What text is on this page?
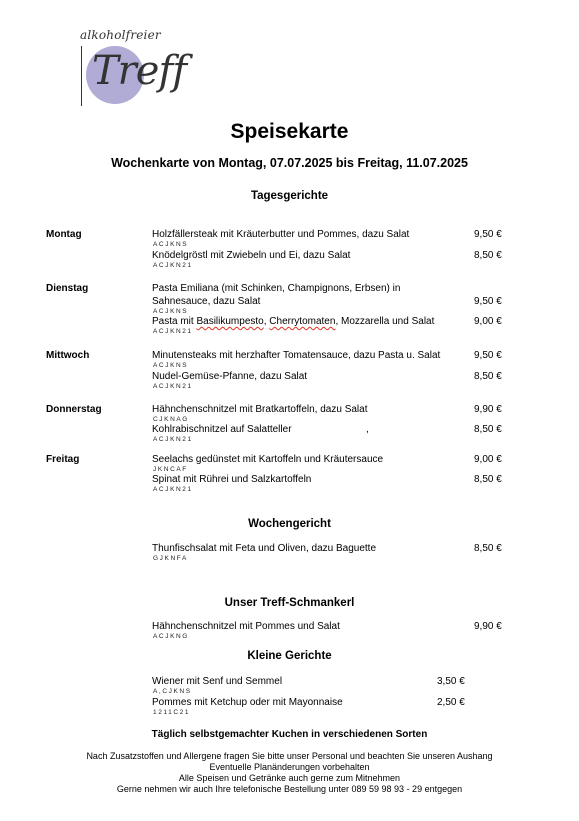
alkoholfreier
Treff
Speisekarte
Wochenkarte von Montag, 07.07.2025 bis Freitag, 11.07.2025
Tagesgerichte
Montag	Holzfällersteak mit Kräuterbutter und Pommes, dazu Salat	9,50 €
ACJKNS
Knödelgröstl mit Zwiebeln und Ei, dazu Salat	8,50 €
ACJKN21
Dienstag	Pasta Emiliana (mit Schinken, Champignons, Erbsen) in
Sahnesauce, dazu Salat	9,50 €
ACJKNS
Pasta mit Basilikumpesto, Cherrytomaten, Mozzarella und Salat	9,00 €
ACJKN21
Mittwoch	Minutensteaks mit herzhafter Tomatensauce, dazu Pasta u. Salat	9,50 €
ACJKNS
Nudel-Gemüse-Pfanne, dazu Salat	8,50 €
ACJKN21
Donnerstag	Hähnchenschnitzel mit Bratkartoffeln, dazu Salat	9,90 €
CJKNAG
Kohlrabischnitzel auf Salatteller	,	8,50 €
ACJKN21
Freitag	Seelachs gedünstet mit Kartoffeln und Kräutersauce	9,00 €
JKNCAF
Spinat mit Rührei und Salzkartoffeln	8,50 €
ACJKN21
Wochengericht
Thunfischsalat mit Feta und Oliven, dazu Baguette	8,50 €
GJKNFA
Unser Treff-Schmankerl
Hähnchenschnitzel mit Pommes und Salat	9,90 €
ACJKNG
Kleine Gerichte
Wiener mit Senf und Semmel	3,50 €
A,CJKNS
Pommes mit Ketchup oder mit Mayonnaise	2,50 €
1211C21
Täglich selbstgemachter Kuchen in verschiedenen Sorten
Nach Zusatzstoffen und Allergene fragen Sie bitte unser Personal und beachten Sie unseren Aushang
Eventuelle Planänderungen vorbehalten
Alle Speisen und Getränke auch gerne zum Mitnehmen
Gerne nehmen wir auch Ihre telefonische Bestellung unter 089 59 98 93 - 29 entgegen
